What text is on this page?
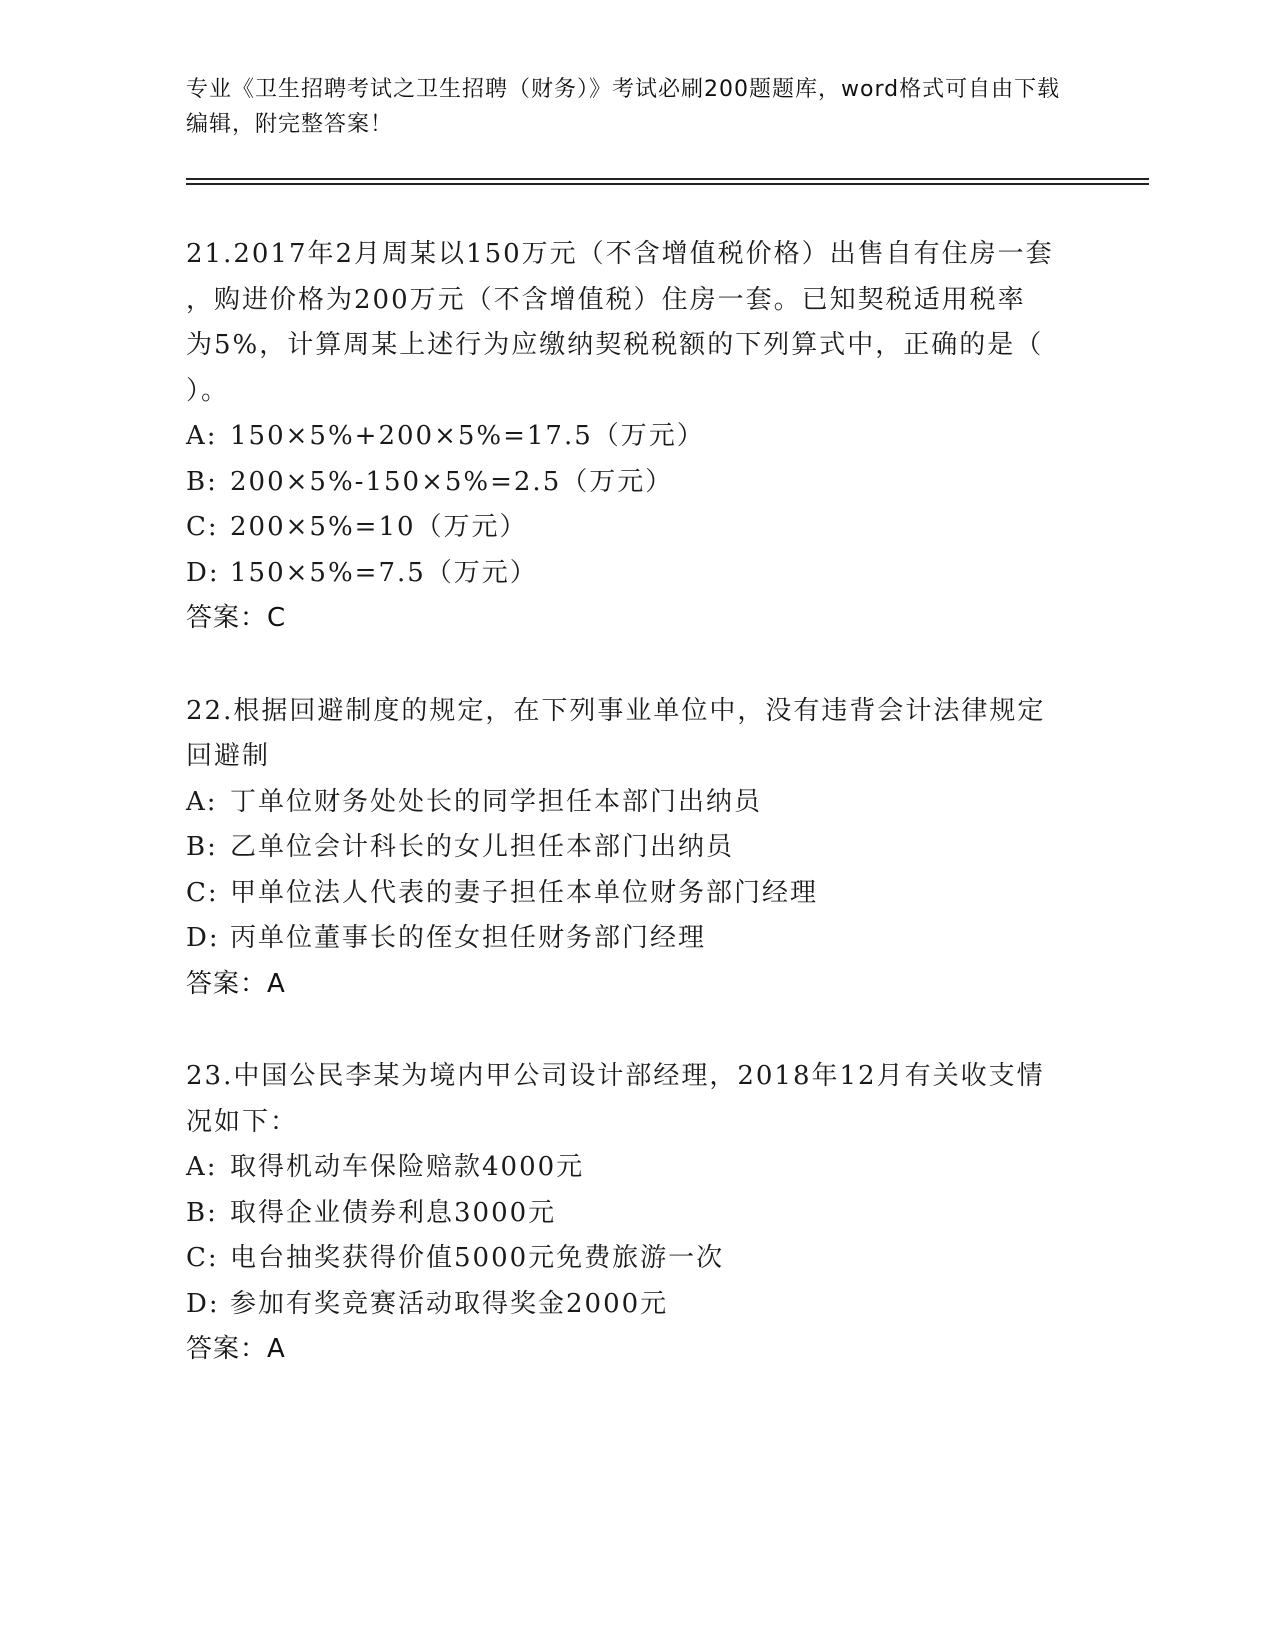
专业《卫生招聘考试之卫生招聘（财务）》考试必刷200题题库，word格式可自由下载编辑，附完整答案！
21.2017年2月周某以150万元（不含增值税价格）出售自有住房一套
，购进价格为200万元（不含增值税）住房一套。已知契税适用税率
为5%，计算周某上述行为应缴纳契税税额的下列算式中，正确的是（
）。
A: 150×5%+200×5%=17.5（万元）
B: 200×5%-150×5%=2.5（万元）
C: 200×5%=10（万元）
D: 150×5%=7.5（万元）
答案：C
22.根据回避制度的规定，在下列事业单位中，没有违背会计法律规定
回避制
A: 丁单位财务处处长的同学担任本部门出纳员
B: 乙单位会计科长的女儿担任本部门出纳员
C: 甲单位法人代表的妻子担任本单位财务部门经理
D: 丙单位董事长的侄女担任财务部门经理
答案：A
23.中国公民李某为境内甲公司设计部经理，2018年12月有关收支情
况如下：
A: 取得机动车保险赔款4000元
B: 取得企业债券利息3000元
C: 电台抽奖获得价值5000元免费旅游一次
D: 参加有奖竞赛活动取得奖金2000元
答案：A
